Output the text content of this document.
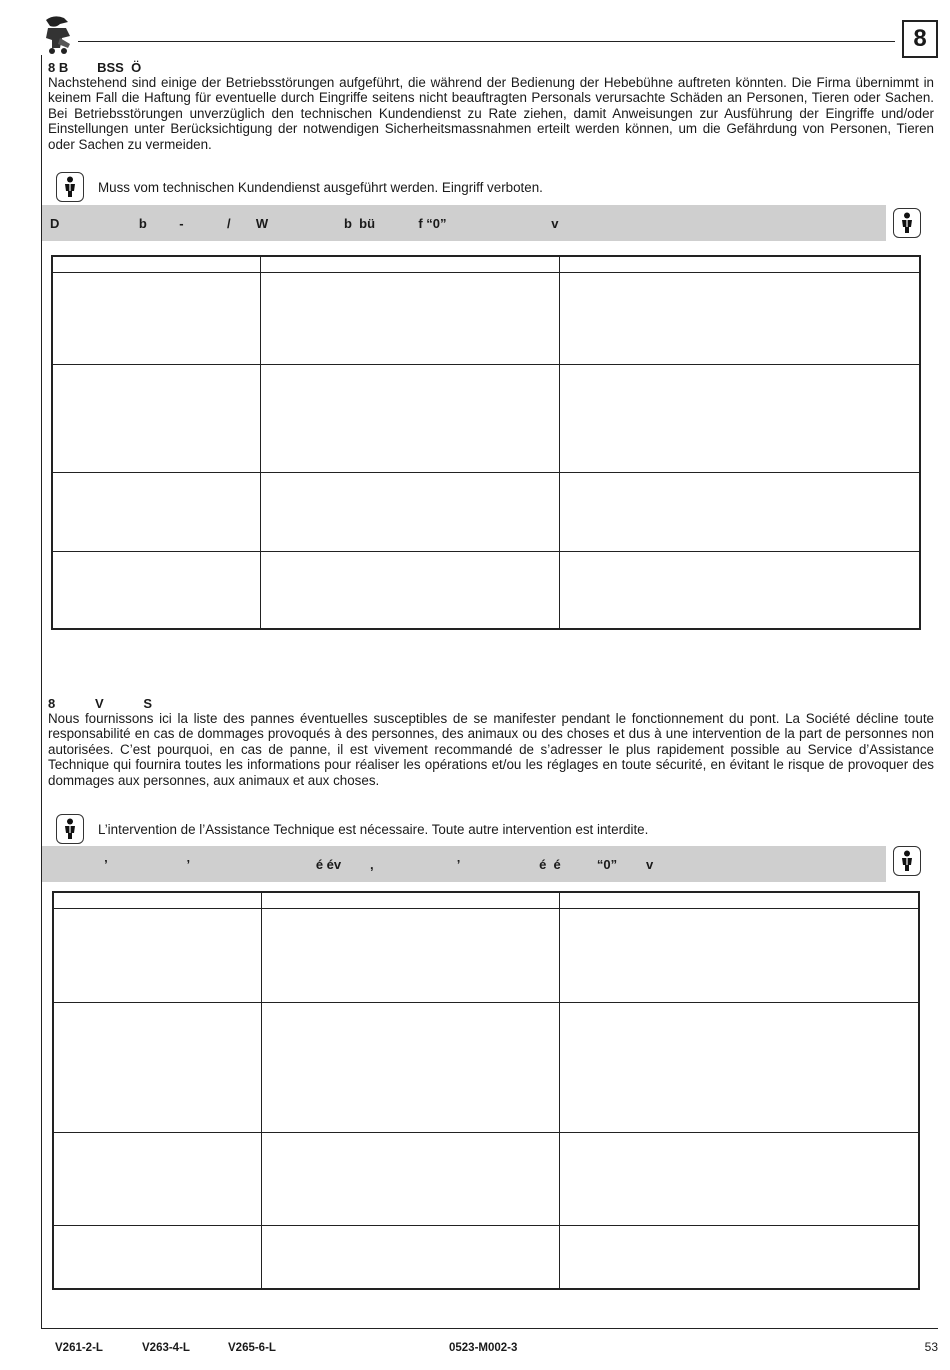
8
8 B        BSS  Ö

Nachstehend sind einige der Betriebsstörungen aufgeführt, die während der Bedienung der Hebebühne auftreten könnten. Die Firma übernimmt in keinem Fall die Haftung für eventuelle durch Eingriffe seitens nicht beauftragten Personals verursachte Schäden an Personen, Tieren oder Sachen. Bei Betriebsstörungen unverzüglich den technischen Kundendienst zu Rate ziehen, damit Anweisungen zur Ausführung der Eingriffe und/oder Einstellungen unter Berücksichtigung der notwendigen Sicherheitsmassnahmen erteilt werden können, um die Gefährdung von Personen, Tieren oder Sachen zu vermeiden.

Muss vom technischen Kundendienst ausgeführt werden. Eingriff verboten.
D                      b         -            /       W                     b  bü            f “0”                             v

8           V           S

Nous fournissons ici la liste des pannes éventuelles susceptibles de se manifester pendant le fonctionnement du pont. La Société décline toute responsabilité en cas de dommages provoqués à des personnes, des animaux ou des choses et dus à une intervention de la part de personnes non autorisées. C’est pourquoi, en cas de panne, il est vivement recommandé de s’adresser le plus rapidement possible au Service d’Assistance Technique qui fournira toutes les informations pour réaliser les opérations et/ou les réglages en toute sécurité, en évitant le risque de provoquer des dommages aux personnes, aux animaux et aux choses.

L’intervention de l’Assistance Technique est nécessaire. Toute autre intervention est interdite.
’                      ’                                   é év        ,                       ’                      é  é          “0”        v

V261-2-L	V263-4-L	V265-6-L	0523-M002-3	53
